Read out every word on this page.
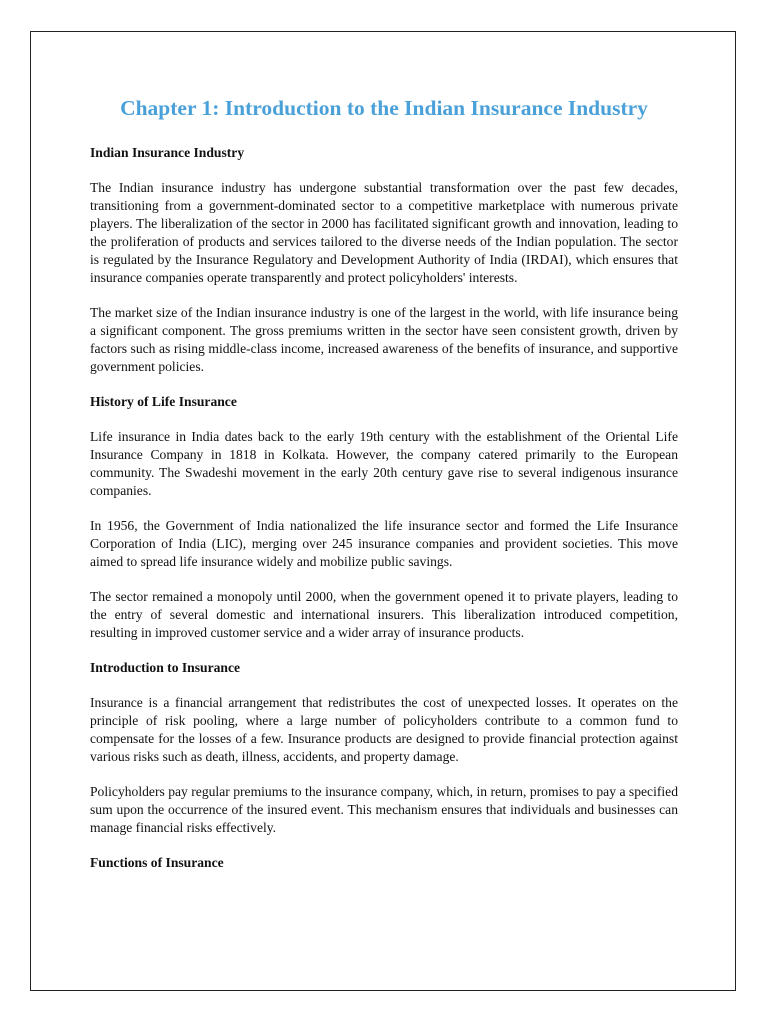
Chapter 1: Introduction to the Indian Insurance Industry
Indian Insurance Industry

The Indian insurance industry has undergone substantial transformation over the past few decades, transitioning from a government-dominated sector to a competitive marketplace with numerous private players. The liberalization of the sector in 2000 has facilitated significant growth and innovation, leading to the proliferation of products and services tailored to the diverse needs of the Indian population. The sector is regulated by the Insurance Regulatory and Development Authority of India (IRDAI), which ensures that insurance companies operate transparently and protect policyholders' interests.

The market size of the Indian insurance industry is one of the largest in the world, with life insurance being a significant component. The gross premiums written in the sector have seen consistent growth, driven by factors such as rising middle-class income, increased awareness of the benefits of insurance, and supportive government policies.

History of Life Insurance

Life insurance in India dates back to the early 19th century with the establishment of the Oriental Life Insurance Company in 1818 in Kolkata. However, the company catered primarily to the European community. The Swadeshi movement in the early 20th century gave rise to several indigenous insurance companies.

In 1956, the Government of India nationalized the life insurance sector and formed the Life Insurance Corporation of India (LIC), merging over 245 insurance companies and provident societies. This move aimed to spread life insurance widely and mobilize public savings.

The sector remained a monopoly until 2000, when the government opened it to private players, leading to the entry of several domestic and international insurers. This liberalization introduced competition, resulting in improved customer service and a wider array of insurance products.

Introduction to Insurance

Insurance is a financial arrangement that redistributes the cost of unexpected losses. It operates on the principle of risk pooling, where a large number of policyholders contribute to a common fund to compensate for the losses of a few. Insurance products are designed to provide financial protection against various risks such as death, illness, accidents, and property damage.

Policyholders pay regular premiums to the insurance company, which, in return, promises to pay a specified sum upon the occurrence of the insured event. This mechanism ensures that individuals and businesses can manage financial risks effectively.

Functions of Insurance
